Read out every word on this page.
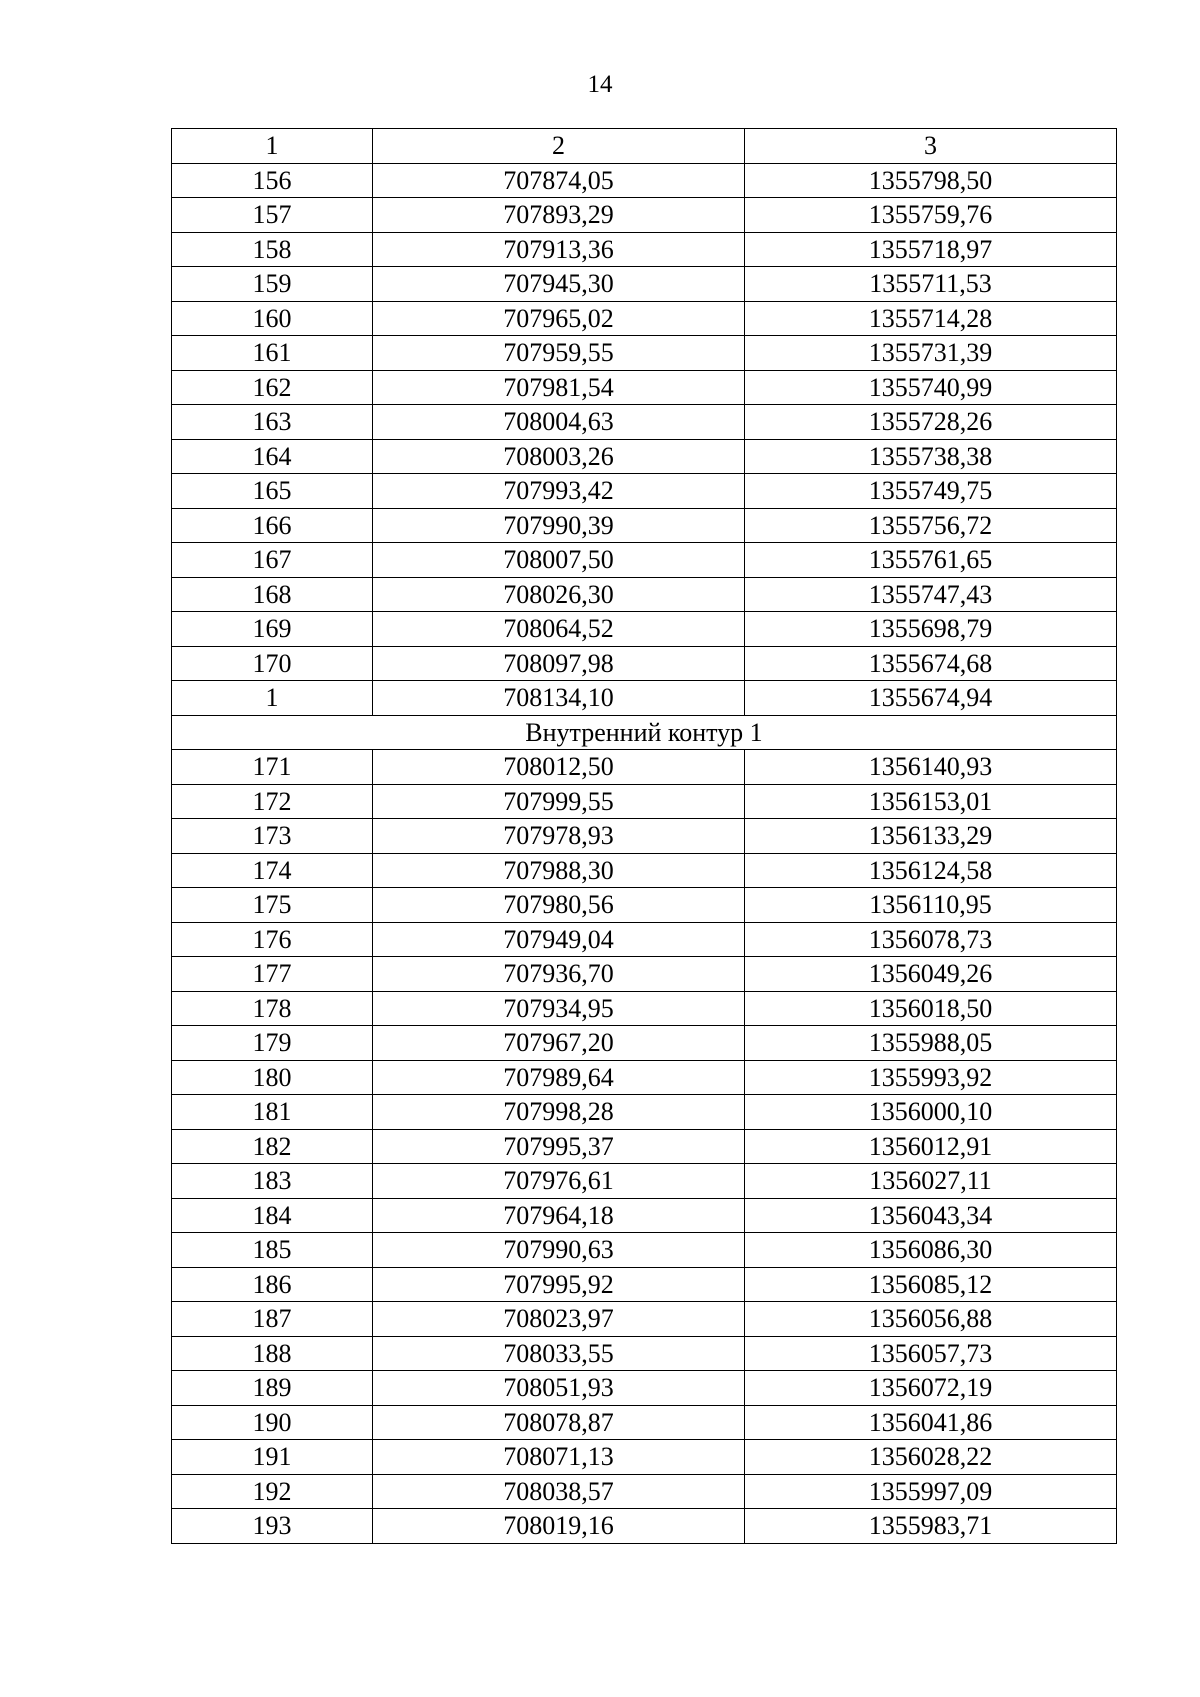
14
1	2	3
156	707874,05	1355798,50
157	707893,29	1355759,76
158	707913,36	1355718,97
159	707945,30	1355711,53
160	707965,02	1355714,28
161	707959,55	1355731,39
162	707981,54	1355740,99
163	708004,63	1355728,26
164	708003,26	1355738,38
165	707993,42	1355749,75
166	707990,39	1355756,72
167	708007,50	1355761,65
168	708026,30	1355747,43
169	708064,52	1355698,79
170	708097,98	1355674,68
1	708134,10	1355674,94
Внутренний контур 1		
171	708012,50	1356140,93
172	707999,55	1356153,01
173	707978,93	1356133,29
174	707988,30	1356124,58
175	707980,56	1356110,95
176	707949,04	1356078,73
177	707936,70	1356049,26
178	707934,95	1356018,50
179	707967,20	1355988,05
180	707989,64	1355993,92
181	707998,28	1356000,10
182	707995,37	1356012,91
183	707976,61	1356027,11
184	707964,18	1356043,34
185	707990,63	1356086,30
186	707995,92	1356085,12
187	708023,97	1356056,88
188	708033,55	1356057,73
189	708051,93	1356072,19
190	708078,87	1356041,86
191	708071,13	1356028,22
192	708038,57	1355997,09
193	708019,16	1355983,71
